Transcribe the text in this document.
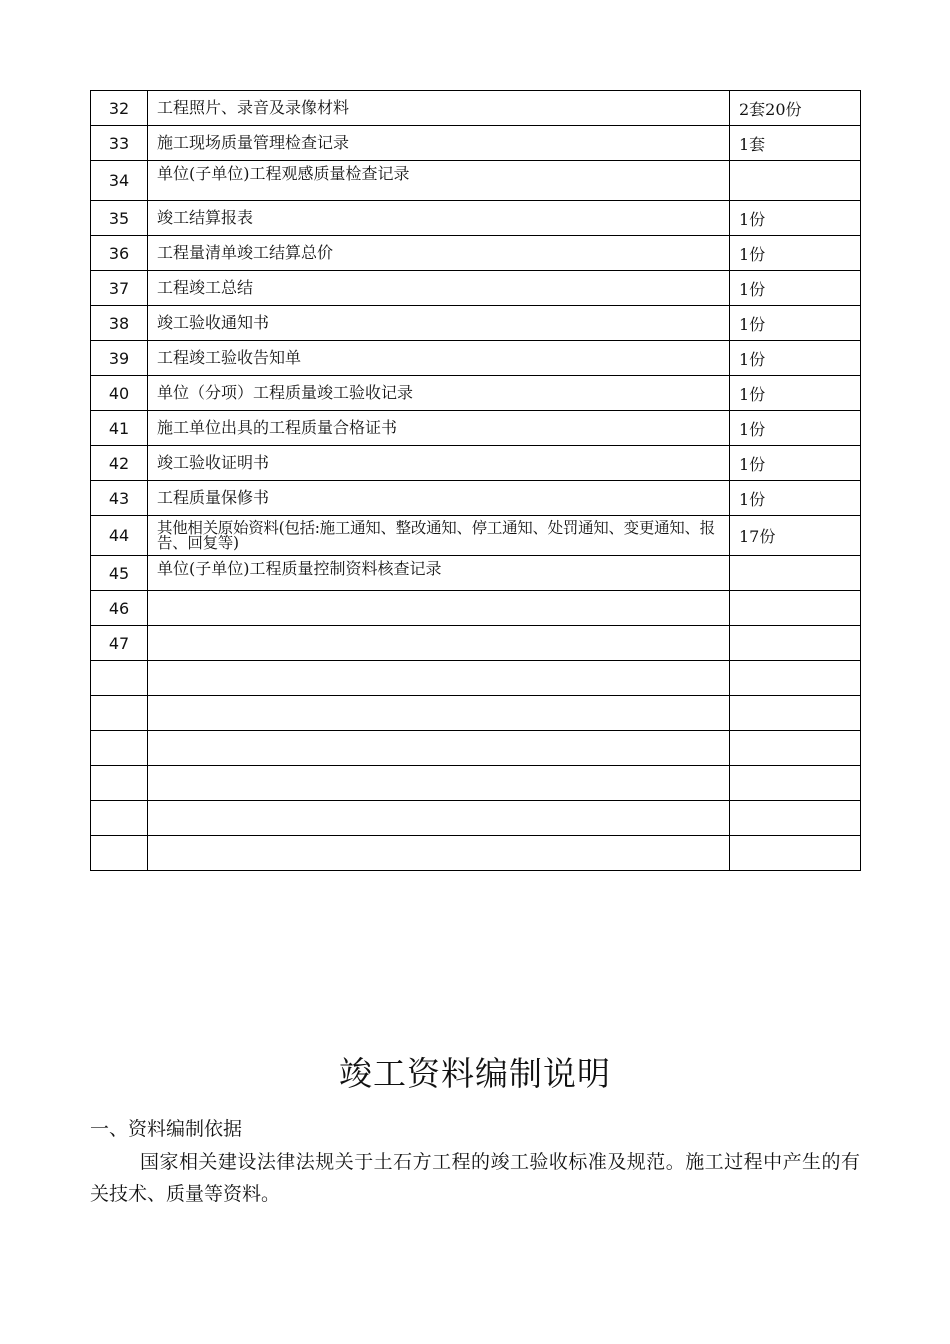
32	工程照片、录音及录像材料	2套20份
33	施工现场质量管理检查记录	1套
34	单位(子单位)工程观感质量检查记录	
35	竣工结算报表	1份
36	工程量清单竣工结算总价	1份
37	工程竣工总结	1份
38	竣工验收通知书	1份
39	工程竣工验收告知单	1份
40	单位（分项）工程质量竣工验收记录	1份
41	施工单位出具的工程质量合格证书	1份
42	竣工验收证明书	1份
43	工程质量保修书	1份
44	其他相关原始资料(包括:施工通知、整改通知、停工通知、处罚通知、变更通知、报告、回复等)	17份
45	单位(子单位)工程质量控制资料核查记录	
46		
47		

竣工资料编制说明
一、资料编制依据

国家相关建设法律法规关于土石方工程的竣工验收标准及规范。施工过程中产生的有关技术、质量等资料。
